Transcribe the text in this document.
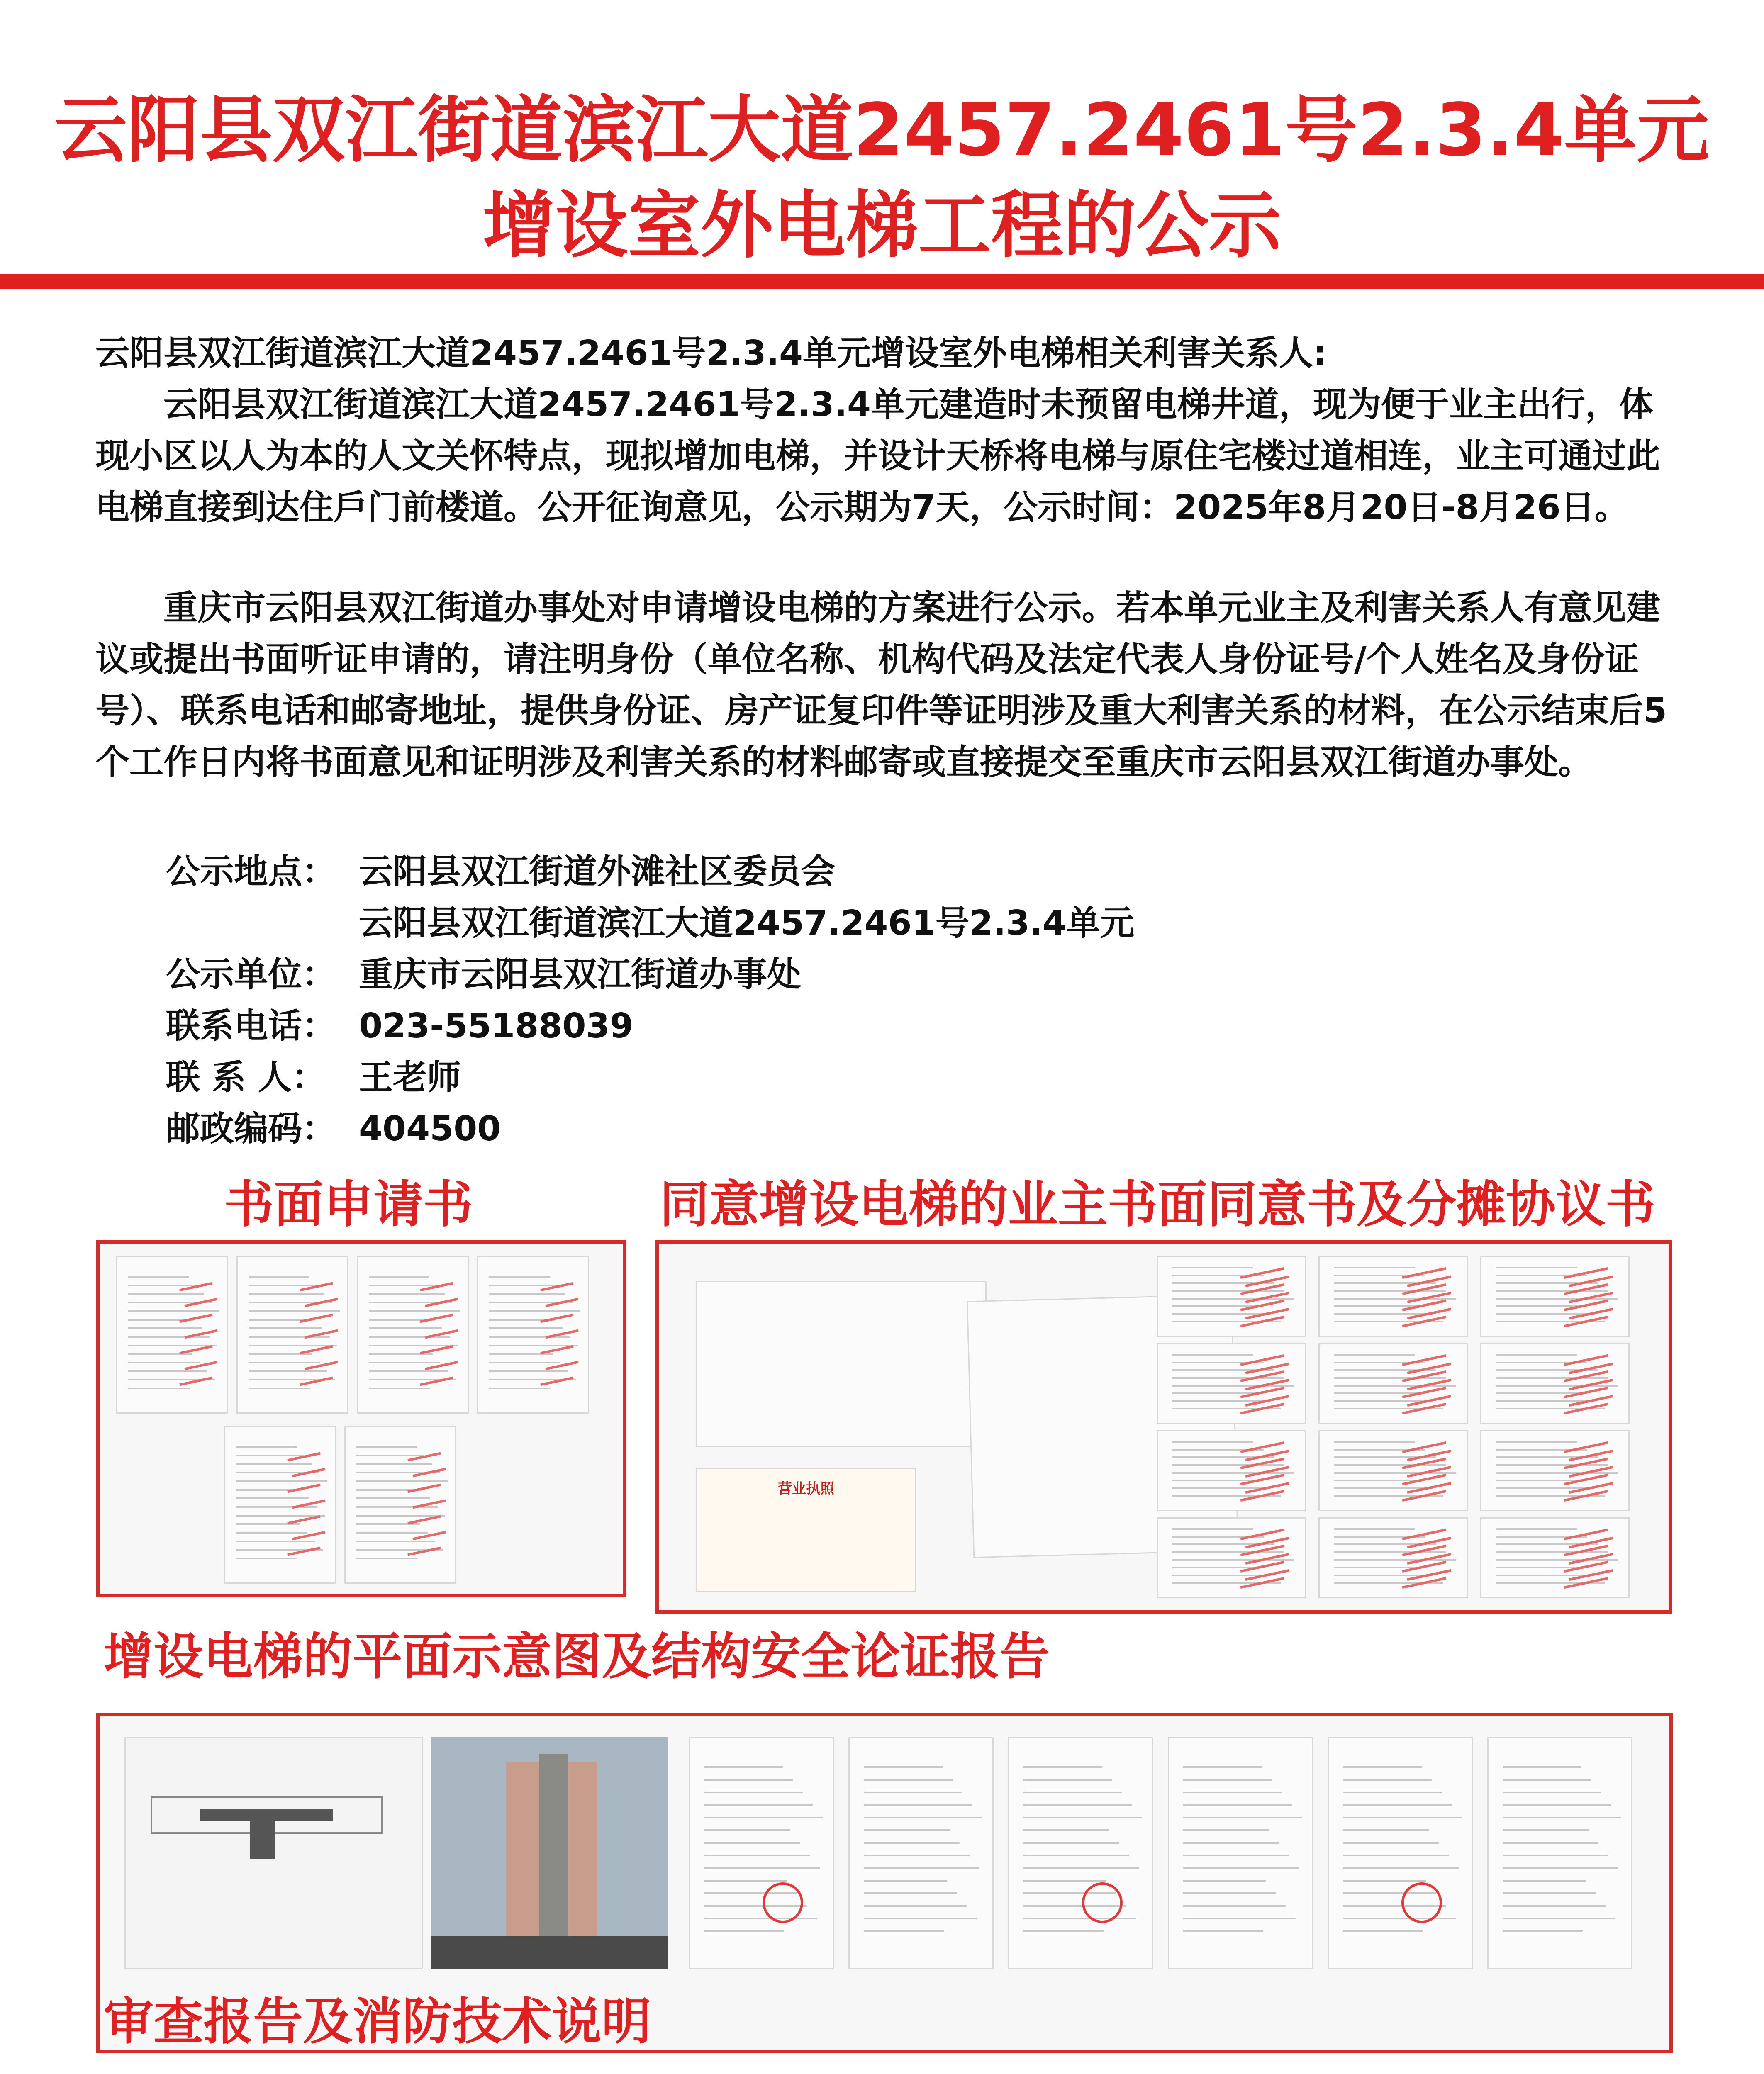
云阳县双江街道滨江大道2457.2461号2.3.4单元
增设室外电梯工程的公示

云阳县双江街道滨江大道2457.2461号2.3.4单元增设室外电梯相关利害关系人:

云阳县双江街道滨江大道2457.2461号2.3.4单元建造时未预留电梯井道，现为便于业主出行，体现小区以人为本的人文关怀特点，现拟增加电梯，并设计天桥将电梯与原住宅楼过道相连，业主可通过此电梯直接到达住戶门前楼道。公开征询意见，公示期为7天，公示时间：2025年8月20日-8月26日。

重庆市云阳县双江街道办事处对申请增设电梯的方案进行公示。若本单元业主及利害关系人有意见建议或提出书面听证申请的，请注明身份（单位名称、机构代码及法定代表人身份证号/个人姓名及身份证号）、联系电话和邮寄地址，提供身份证、房产证复印件等证明涉及重大利害关系的材料，在公示结束后5个工作日内将书面意见和证明涉及利害关系的材料邮寄或直接提交至重庆市云阳县双江街道办事处。

公示地点： 云阳县双江街道外滩社区委员会
云阳县双江街道滨江大道2457.2461号2.3.4单元
公示单位： 重庆市云阳县双江街道办事处
联系电话： 023-55188039
联 系 人： 王老师
邮政编码： 404500
书面申请书	同意增设电梯的业主书面同意书及分摊协议书
营业执照
增设电梯的平面示意图及结构安全论证报告
审查报告及消防技术说明
